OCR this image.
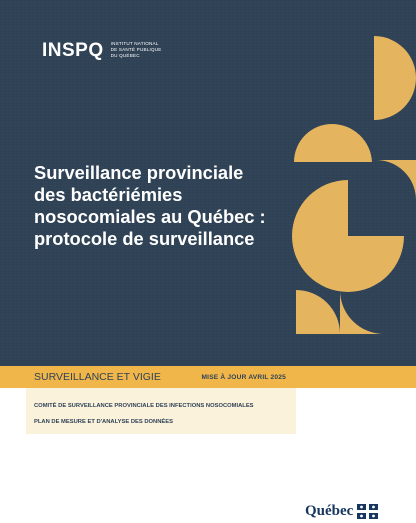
INSPQ INSTITUT NATIONAL
DE SANTÉ PUBLIQUE
DU QUÉBEC
Surveillance provinciale
des bactériémies
nosocomiales au Québec :
protocole de surveillance
SURVEILLANCE ET VIGIE	MISE À JOUR AVRIL 2025
COMITÉ DE SURVEILLANCE PROVINCIALE DES INFECTIONS NOSOCOMIALES
PLAN DE MESURE ET D'ANALYSE DES DONNÉES
Québec
